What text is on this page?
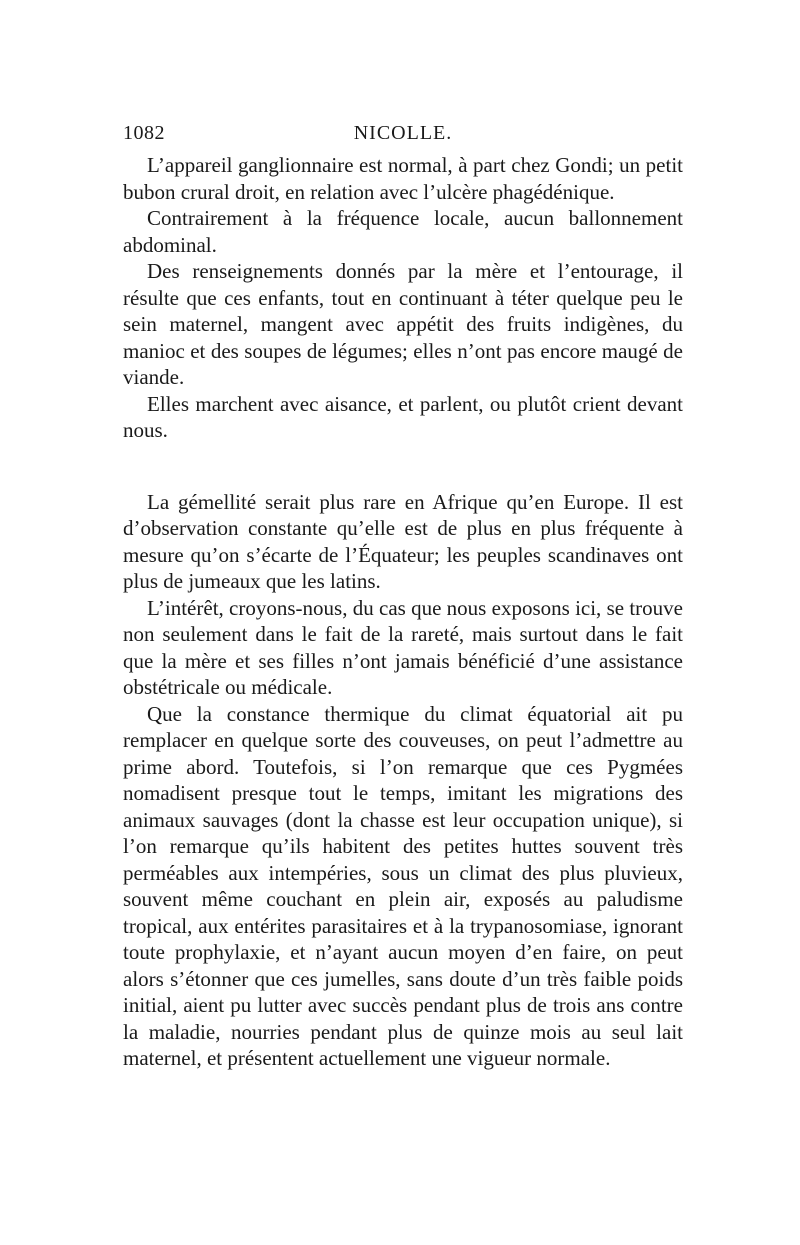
1082	NICOLLE.

L’appareil ganglionnaire est normal, à part chez Gondi; un petit bubon crural droit, en relation avec l’ulcère phagédénique.

Contrairement à la fréquence locale, aucun ballonnement abdominal.

Des renseignements donnés par la mère et l’entourage, il résulte que ces enfants, tout en continuant à téter quelque peu le sein maternel, mangent avec appétit des fruits indigènes, du manioc et des soupes de légumes; elles n’ont pas encore maugé de viande.

Elles marchent avec aisance, et parlent, ou plutôt crient devant nous.

La gémellité serait plus rare en Afrique qu’en Europe. Il est d’observation constante qu’elle est de plus en plus fréquente à mesure qu’on s’écarte de l’Équateur; les peuples scandinaves ont plus de jumeaux que les latins.

L’intérêt, croyons-nous, du cas que nous exposons ici, se trouve non seulement dans le fait de la rareté, mais surtout dans le fait que la mère et ses filles n’ont jamais bénéficié d’une assistance obstétricale ou médicale.

Que la constance thermique du climat équatorial ait pu remplacer en quelque sorte des couveuses, on peut l’admettre au prime abord. Toutefois, si l’on remarque que ces Pygmées nomadisent presque tout le temps, imitant les migrations des animaux sauvages (dont la chasse est leur occupation unique), si l’on remarque qu’ils habitent des petites huttes souvent très perméables aux intempéries, sous un climat des plus pluvieux, souvent même couchant en plein air, exposés au paludisme tropical, aux entérites parasitaires et à la trypanosomiase, ignorant toute prophylaxie, et n’ayant aucun moyen d’en faire, on peut alors s’étonner que ces jumelles, sans doute d’un très faible poids initial, aient pu lutter avec succès pendant plus de trois ans contre la maladie, nourries pendant plus de quinze mois au seul lait maternel, et présentent actuellement une vigueur normale.
